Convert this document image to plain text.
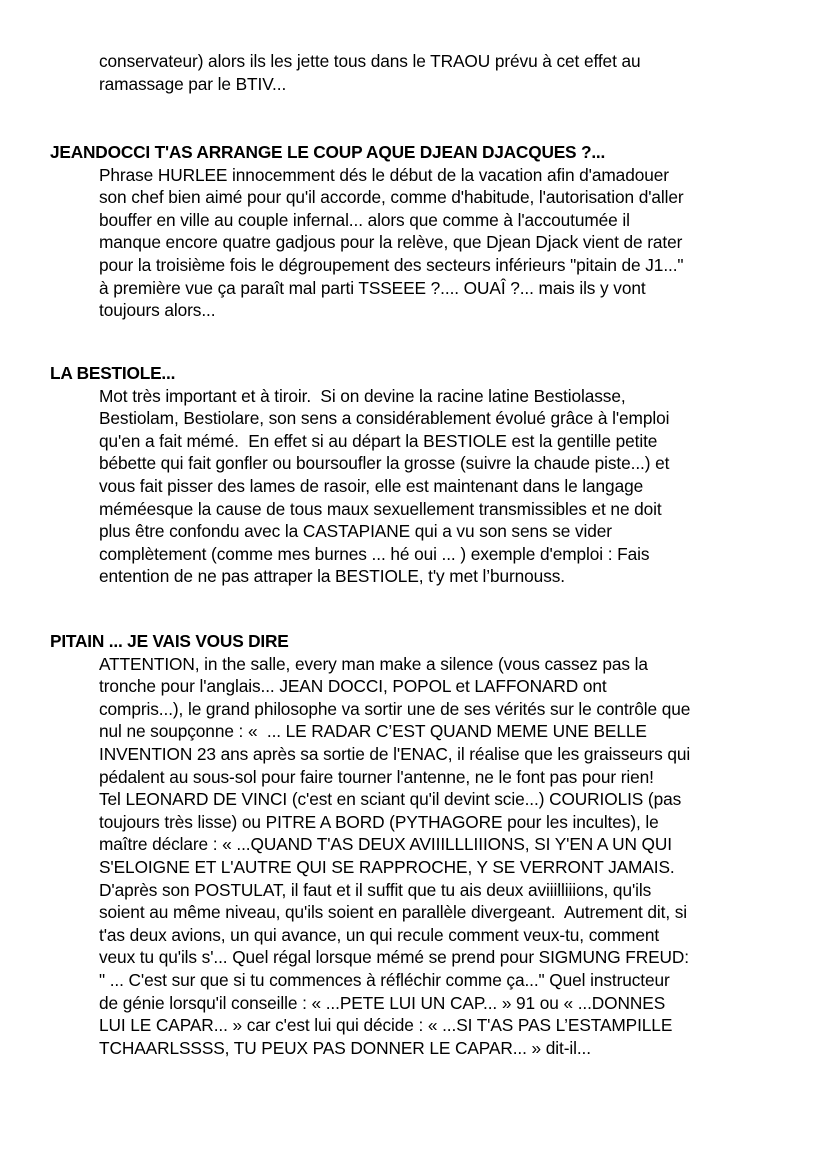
conservateur) alors ils les jette tous dans le TRAOU prévu à cet effet au
ramassage par le BTIV...
JEANDOCCI T'AS ARRANGE LE COUP AQUE DJEAN DJACQUES ?...
Phrase HURLEE innocemment dés le début de la vacation afin d'amadouer
son chef bien aimé pour qu'il accorde, comme d'habitude, l'autorisation d'aller
bouffer en ville au couple infernal... alors que comme à l'accoutumée il
manque encore quatre gadjous pour la relève, que Djean Djack vient de rater
pour la troisième fois le dégroupement des secteurs inférieurs "pitain de J1..."
à première vue ça paraît mal parti TSSEEE ?.... OUAÎ ?... mais ils y vont
toujours alors...
LA BESTIOLE...
Mot très important et à tiroir.  Si on devine la racine latine Bestiolasse,
Bestiolam, Bestiolare, son sens a considérablement évolué grâce à l'emploi
qu'en a fait mémé.  En effet si au départ la BESTIOLE est la gentille petite
bébette qui fait gonfler ou boursoufler la grosse (suivre la chaude piste...) et
vous fait pisser des lames de rasoir, elle est maintenant dans le langage
méméesque la cause de tous maux sexuellement transmissibles et ne doit
plus être confondu avec la CASTAPIANE qui a vu son sens se vider
complètement (comme mes burnes ... hé oui ... ) exemple d'emploi : Fais
entention de ne pas attraper la BESTIOLE, t'y met l’burnouss.
PITAIN ... JE VAIS VOUS DIRE
ATTENTION, in the salle, every man make a silence (vous cassez pas la
tronche pour l'anglais... JEAN DOCCI, POPOL et LAFFONARD ont
compris...), le grand philosophe va sortir une de ses vérités sur le contrôle que
nul ne soupçonne : «  ... LE RADAR C’EST QUAND MEME UNE BELLE
INVENTION 23 ans après sa sortie de l'ENAC, il réalise que les graisseurs qui
pédalent au sous-sol pour faire tourner l'antenne, ne le font pas pour rien!
Tel LEONARD DE VINCI (c'est en sciant qu'il devint scie...) COURIOLIS (pas
toujours très lisse) ou PITRE A BORD (PYTHAGORE pour les incultes), le
maître déclare : « ...QUAND T'AS DEUX AVIIILLLIIIONS, SI Y'EN A UN QUI
S'ELOIGNE ET L'AUTRE QUI SE RAPPROCHE, Y SE VERRONT JAMAIS.
D'après son POSTULAT, il faut et il suffit que tu ais deux aviiilliiions, qu'ils
soient au même niveau, qu'ils soient en parallèle divergeant.  Autrement dit, si
t'as deux avions, un qui avance, un qui recule comment veux-tu, comment
veux tu qu'ils s'... Quel régal lorsque mémé se prend pour SIGMUNG FREUD:
" ... C'est sur que si tu commences à réfléchir comme ça..." Quel instructeur
de génie lorsqu'il conseille : « ...PETE LUI UN CAP... » 91 ou « ...DONNES
LUI LE CAPAR... » car c'est lui qui décide : « ...SI T'AS PAS L’ESTAMPILLE
TCHAARLSSSS, TU PEUX PAS DONNER LE CAPAR... » dit-il...
